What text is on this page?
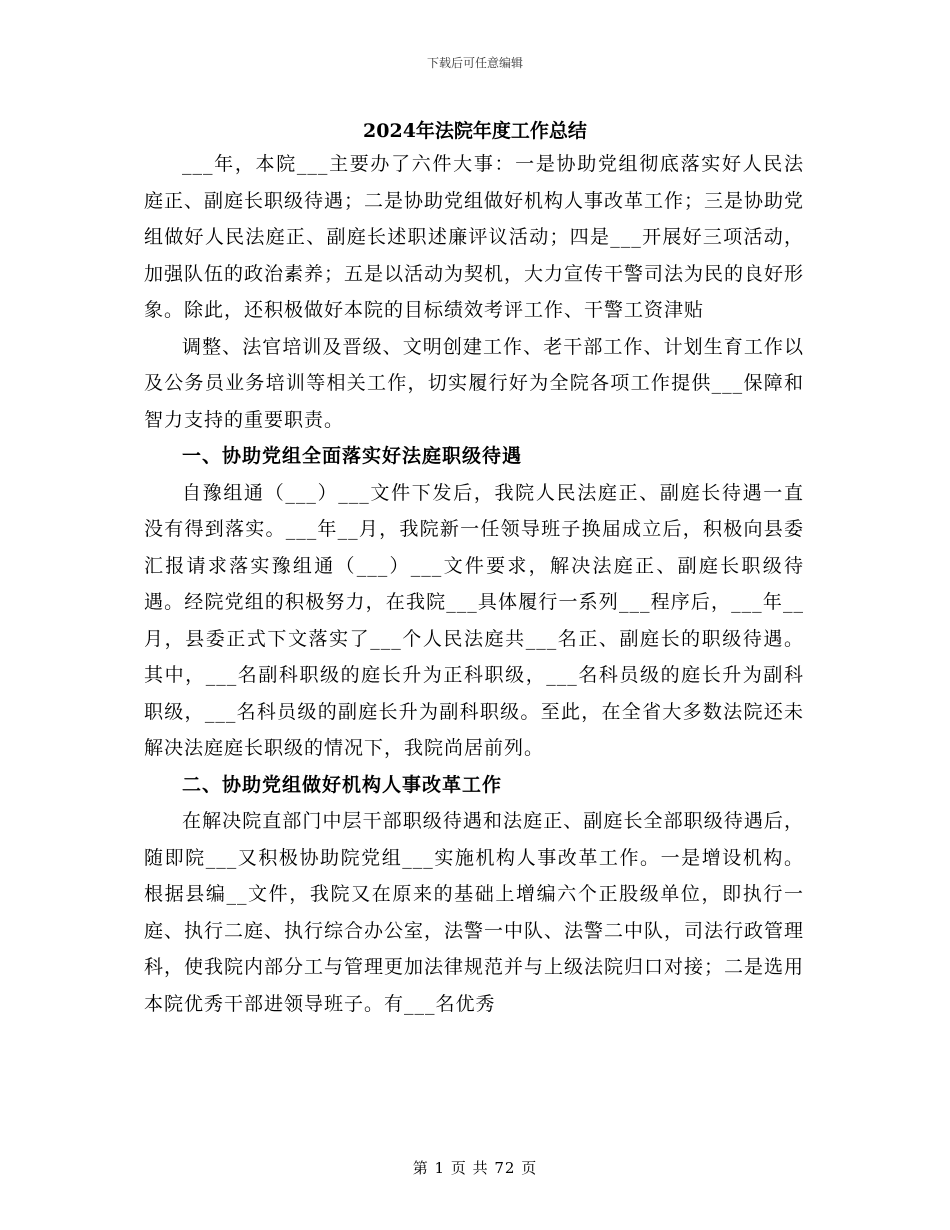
下载后可任意编辑
2024年法院年度工作总结

___年，本院___主要办了六件大事：一是协助党组彻底落实好人民法庭正、副庭长职级待遇；二是协助党组做好机构人事改革工作；三是协助党组做好人民法庭正、副庭长述职述廉评议活动；四是___开展好三项活动，加强队伍的政治素养；五是以活动为契机，大力宣传干警司法为民的良好形象。除此，还积极做好本院的目标绩效考评工作、干警工资津贴

调整、法官培训及晋级、文明创建工作、老干部工作、计划生育工作以及公务员业务培训等相关工作，切实履行好为全院各项工作提供___保障和智力支持的重要职责。

一、协助党组全面落实好法庭职级待遇

自豫组通（___）___文件下发后，我院人民法庭正、副庭长待遇一直没有得到落实。___年__月，我院新一任领导班子换届成立后，积极向县委汇报请求落实豫组通（___）___文件要求，解决法庭正、副庭长职级待遇。经院党组的积极努力，在我院___具体履行一系列___程序后，___年__月，县委正式下文落实了___个人民法庭共___名正、副庭长的职级待遇。其中，___名副科职级的庭长升为正科职级，___名科员级的庭长升为副科职级，___名科员级的副庭长升为副科职级。至此，在全省大多数法院还未解决法庭庭长职级的情况下，我院尚居前列。

二、协助党组做好机构人事改革工作

在解决院直部门中层干部职级待遇和法庭正、副庭长全部职级待遇后，随即院___又积极协助院党组___实施机构人事改革工作。一是增设机构。根据县编__文件，我院又在原来的基础上增编六个正股级单位，即执行一庭、执行二庭、执行综合办公室，法警一中队、法警二中队，司法行政管理科，使我院内部分工与管理更加法律规范并与上级法院归口对接；二是选用本院优秀干部进领导班子。有___名优秀

第 1 页 共 72 页
